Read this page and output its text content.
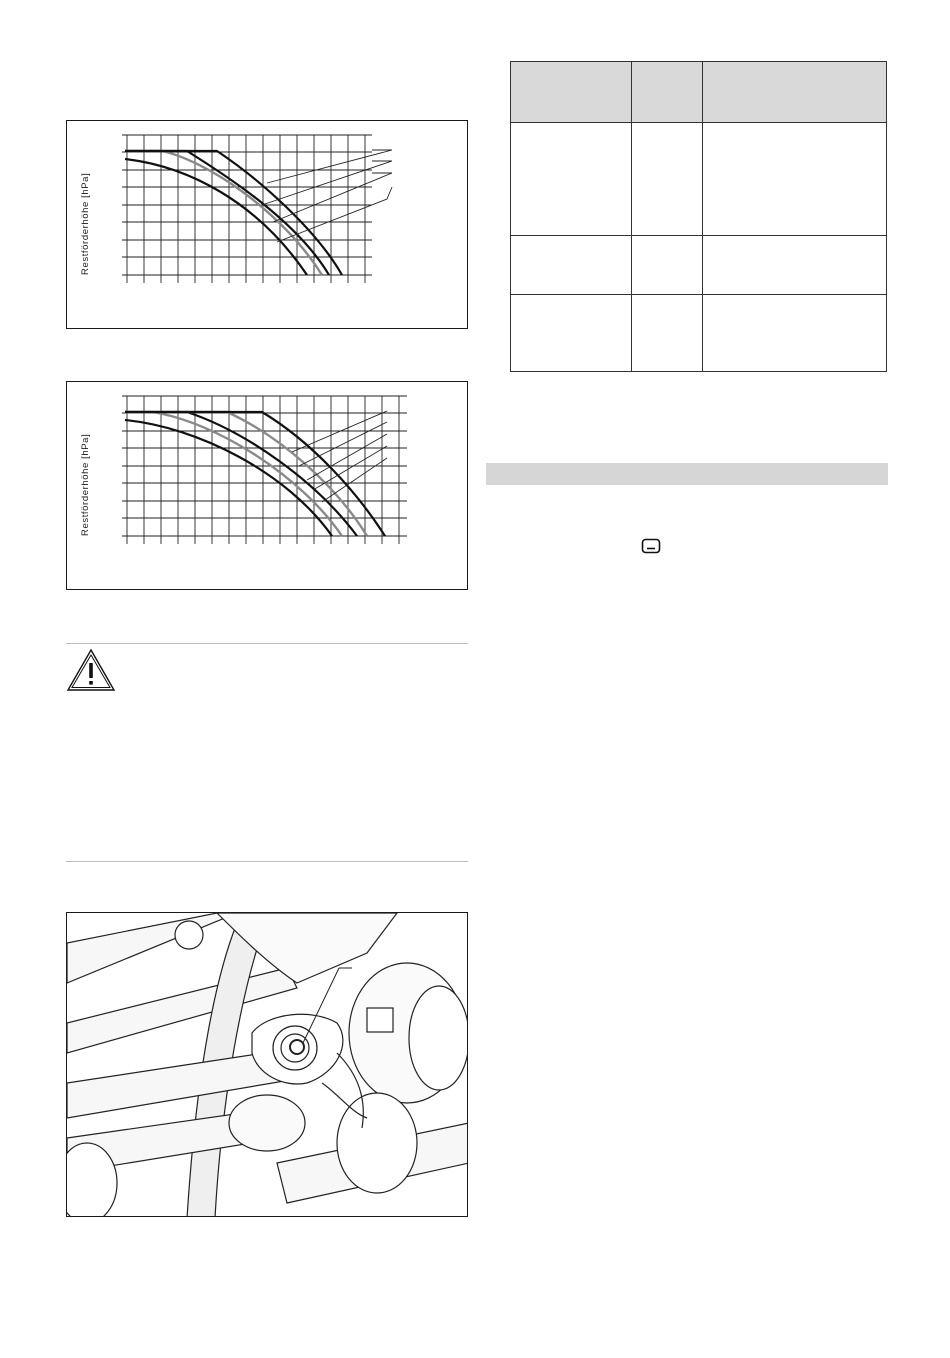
Restförderhöhe [hPa]
Restförderhöhe [hPa]
